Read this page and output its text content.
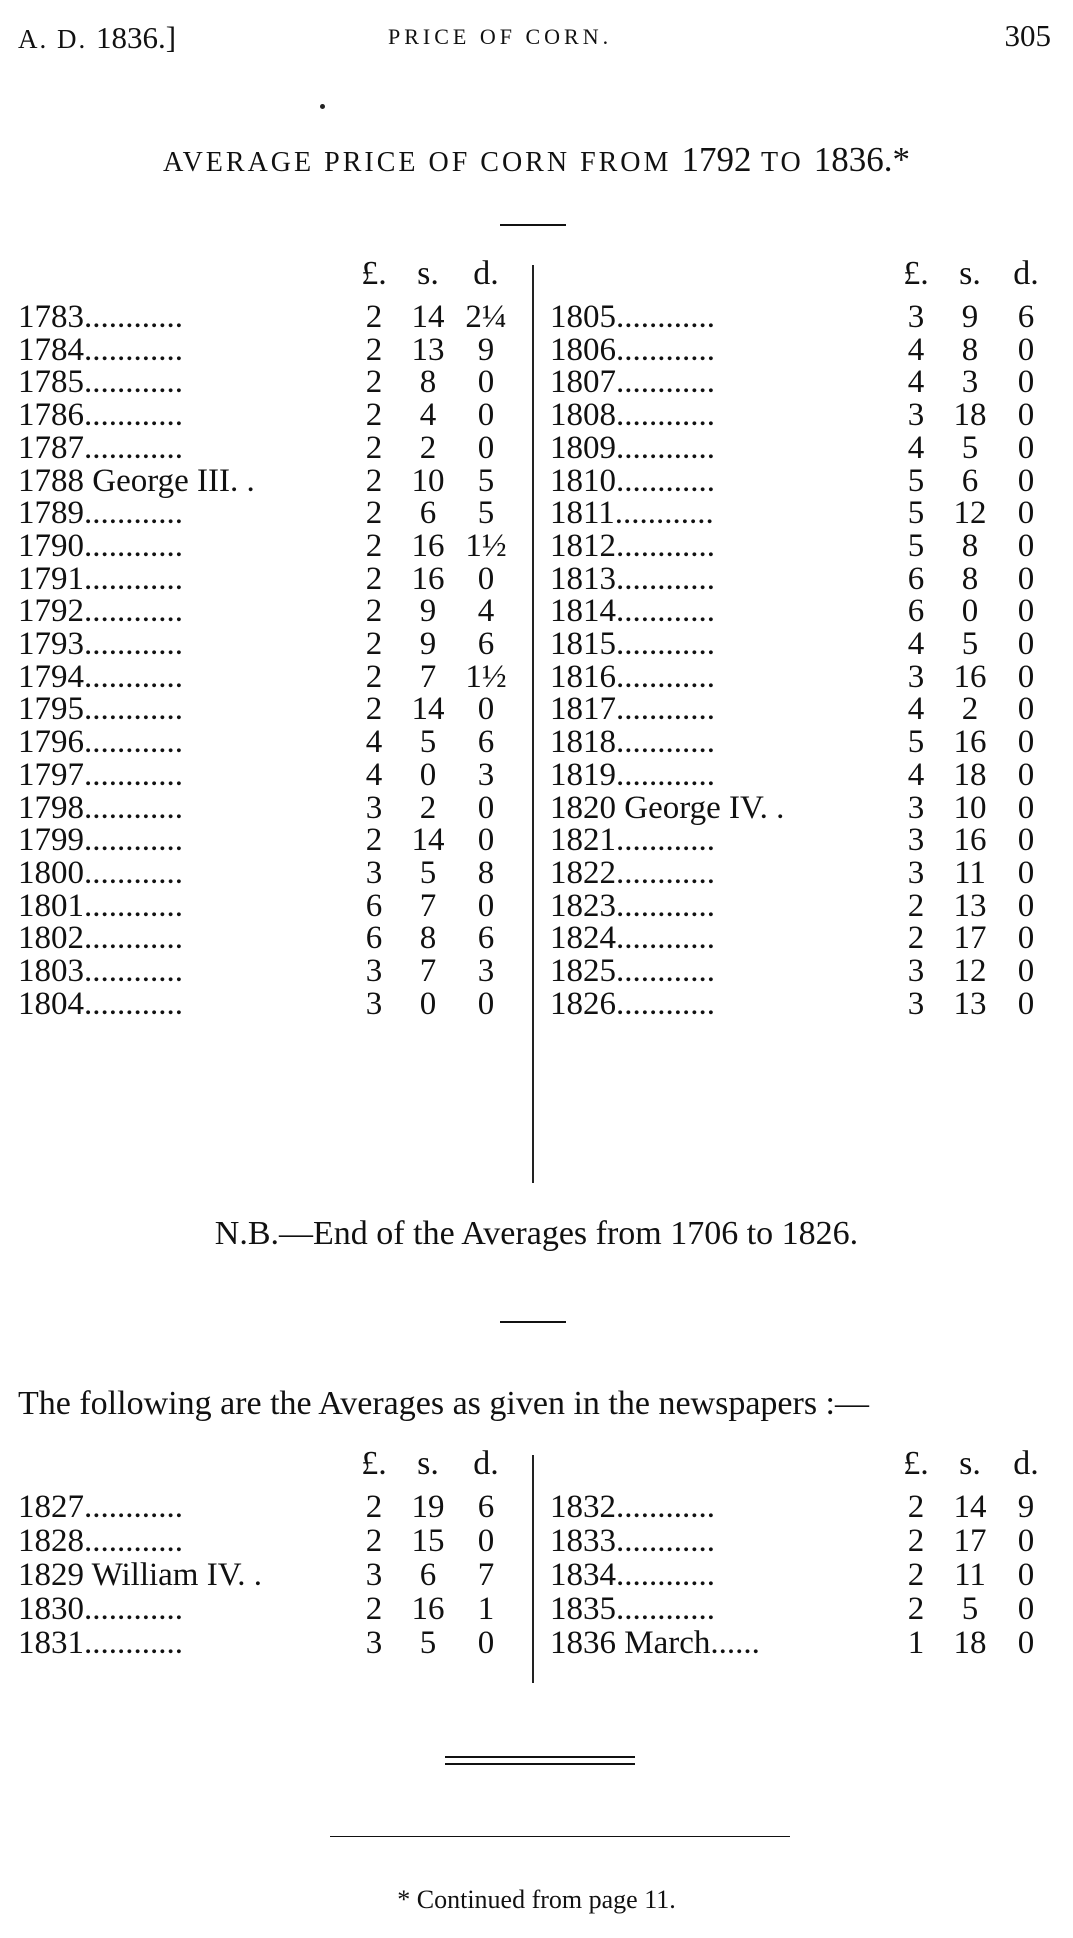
A. D. 1836.]	PRICE OF CORN.	305
AVERAGE PRICE OF CORN FROM 1792 TO 1836.*
£. s.	d.	£. s. d.
1783............	2 14 2¼
1784............	2 13	9
1785............	2	8	0
1786............	2	4	0
1787............	2	2	0
1788 George III. .	2 10	5
1789............	2	6	5
1790............	2 16 1½
1791............	2 16	0
1792............	2	9	4
1793............	2	9	6
1794............	2	7 1½
1795............	2 14	0
1796............	4	5	6
1797............	4	0	3
1798............	3	2	0
1799............	2 14	0
1800............	3	5	8
1801............	6	7	0
1802............	6	8	6
1803............	3	7	3
1804............	3	0	0
1805............	3	9	6
1806............	4	8	0
1807............	4	3	0
1808............	3 18 0
1809............	4	5	0
1810............	5	6	0
1811............	5 12 0
1812............	5	8	0
1813............	6	8	0
1814............	6	0	0
1815............	4	5	0
1816............	3 16 0
1817............	4	2	0
1818............	5 16 0
1819............	4 18 0
1820 George IV. .	3 10 0
1821............	3 16 0
1822............	3 11 0
1823............	2 13 0
1824............	2 17 0
1825............	3 12 0
1826............	3 13 0
N.B.—End of the Averages from 1706 to 1826.
The following are the Averages as given in the newspapers :—
£. s.	d.	£. s. d.
1827............	2 19	6
1828............	2 15	0
1829 William IV. .	3	6	7
1830............	2 16	1
1831............	3	5	0
1832............	2 14 9
1833............	2 17 0
1834............	2 11 0
1835............	2	5	0
1836 March......	1 18 0
* Continued from page 11.
